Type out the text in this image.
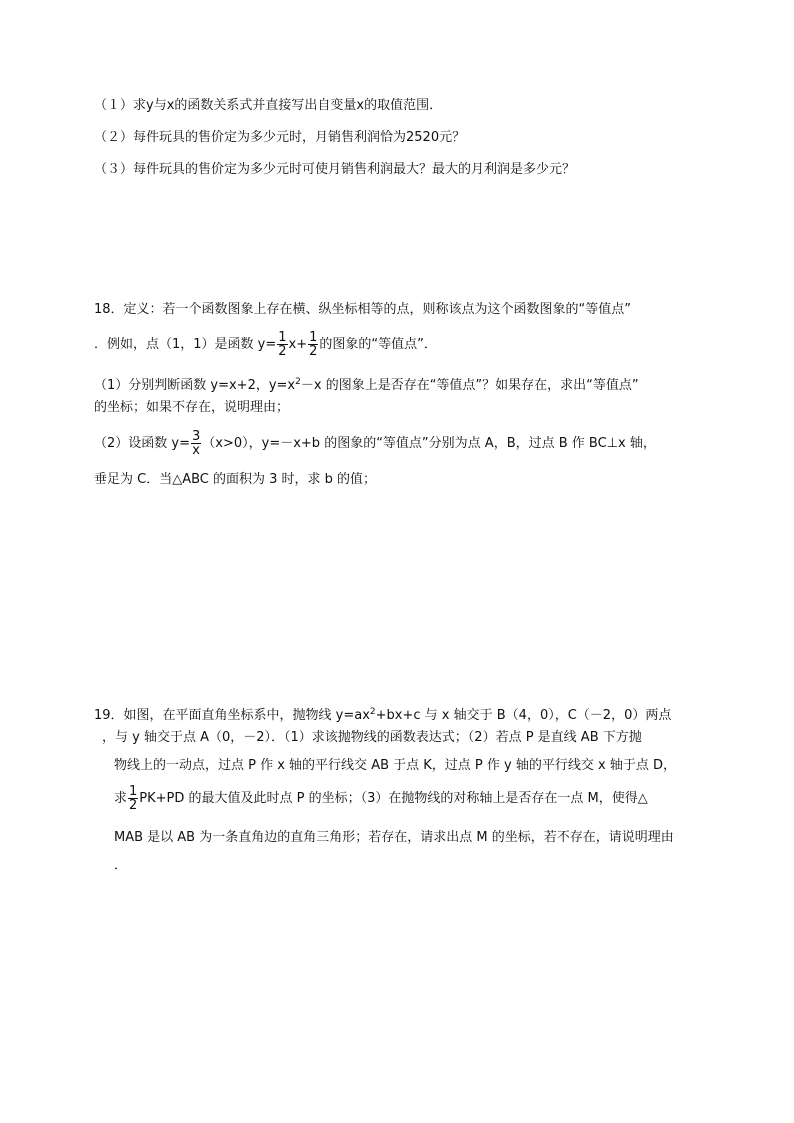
（１）求y与x的函数关系式并直接写出自变量x的取值范围．
（２）每件玩具的售价定为多少元时，月销售利润恰为2520元？
（３）每件玩具的售价定为多少元时可使月销售利润最大？最大的月利润是多少元？
18．定义：若一个函数图象上存在横、纵坐标相等的点，则称该点为这个函数图象的“等值点”
．例如，点（1，1）是函数 $y= \frac{1}{2} x+ \frac{1}{2}$ 的图象的“等值点”．
（1）分别判断函数 y=x+2，$y=x^2-x$ 的图象上是否存在“等值点”？如果存在，求出“等值点”
的坐标；如果不存在，说明理由；
（2）设函数 $y= \frac{3}{x} (x>0)$，y=－x+b 的图象的“等值点”分别为点 A，B，过点 B 作 BC⊥x 轴，
垂足为 C．当△ABC 的面积为 3 时，求 b 的值；
19．如图，在平面直角坐标系中，抛物线 $y=ax^2+bx+c$ 与 x 轴交于 B（4，0），C（－2，0）两点
，与 y 轴交于点 A（0，－2）．（1）求该抛物线的函数表达式；（2）若点 P 是直线 AB 下方抛
物线上的一动点，过点 P 作 x 轴的平行线交 AB 于点 K，过点 P 作 y 轴的平行线交 x 轴于点 D，
求 $\frac{1}{2} PK+PD$ 的最大值及此时点 P 的坐标；（3）在抛物线的对称轴上是否存在一点 M，使得△
MAB 是以 AB 为一条直角边的直角三角形；若存在，请求出点 M 的坐标，若不存在，请说明理由
．
